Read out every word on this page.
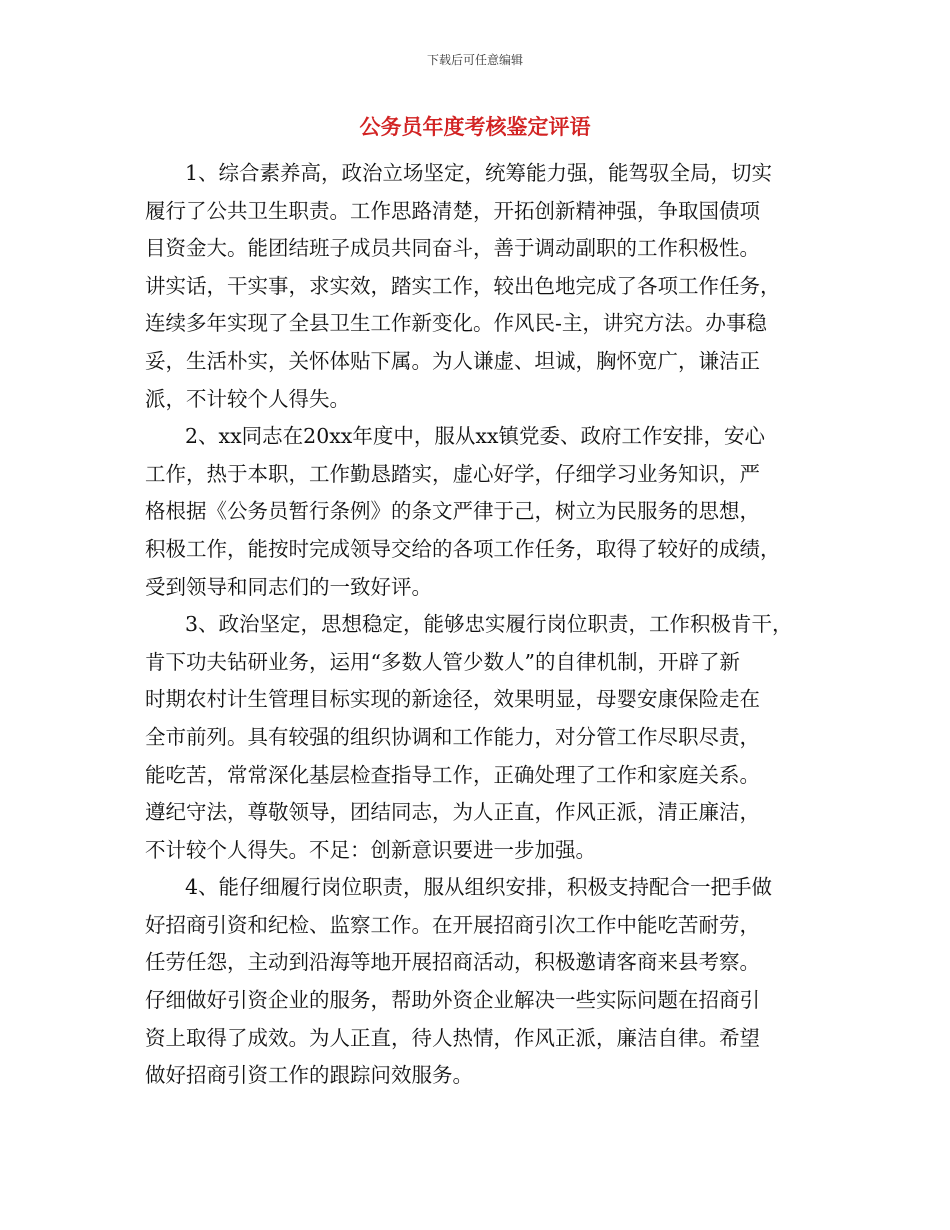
下载后可任意编辑
公务员年度考核鉴定评语
1、综合素养高，政治立场坚定，统筹能力强，能驾驭全局，切实
履行了公共卫生职责。工作思路清楚，开拓创新精神强，争取国债项
目资金大。能团结班子成员共同奋斗，善于调动副职的工作积极性。
讲实话，干实事，求实效，踏实工作，较出色地完成了各项工作任务，
连续多年实现了全县卫生工作新变化。作风民-主，讲究方法。办事稳
妥，生活朴实，关怀体贴下属。为人谦虚、坦诚，胸怀宽广，谦洁正
派，不计较个人得失。
2、xx同志在20xx年度中，服从xx镇党委、政府工作安排，安心
工作，热于本职，工作勤恳踏实，虚心好学，仔细学习业务知识，严
格根据《公务员暂行条例》的条文严律于己，树立为民服务的思想，
积极工作，能按时完成领导交给的各项工作任务，取得了较好的成绩，
受到领导和同志们的一致好评。
3、政治坚定，思想稳定，能够忠实履行岗位职责，工作积极肯干，
肯下功夫钻研业务，运用“多数人管少数人”的自律机制，开辟了新
时期农村计生管理目标实现的新途径，效果明显，母婴安康保险走在
全市前列。具有较强的组织协调和工作能力，对分管工作尽职尽责，
能吃苦，常常深化基层检查指导工作，正确处理了工作和家庭关系。
遵纪守法，尊敬领导，团结同志，为人正直，作风正派，清正廉洁，
不计较个人得失。不足：创新意识要进一步加强。
4、能仔细履行岗位职责，服从组织安排，积极支持配合一把手做
好招商引资和纪检、监察工作。在开展招商引次工作中能吃苦耐劳，
任劳任怨，主动到沿海等地开展招商活动，积极邀请客商来县考察。
仔细做好引资企业的服务，帮助外资企业解决一些实际问题在招商引
资上取得了成效。为人正直，待人热情，作风正派，廉洁自律。希望
做好招商引资工作的跟踪问效服务。
